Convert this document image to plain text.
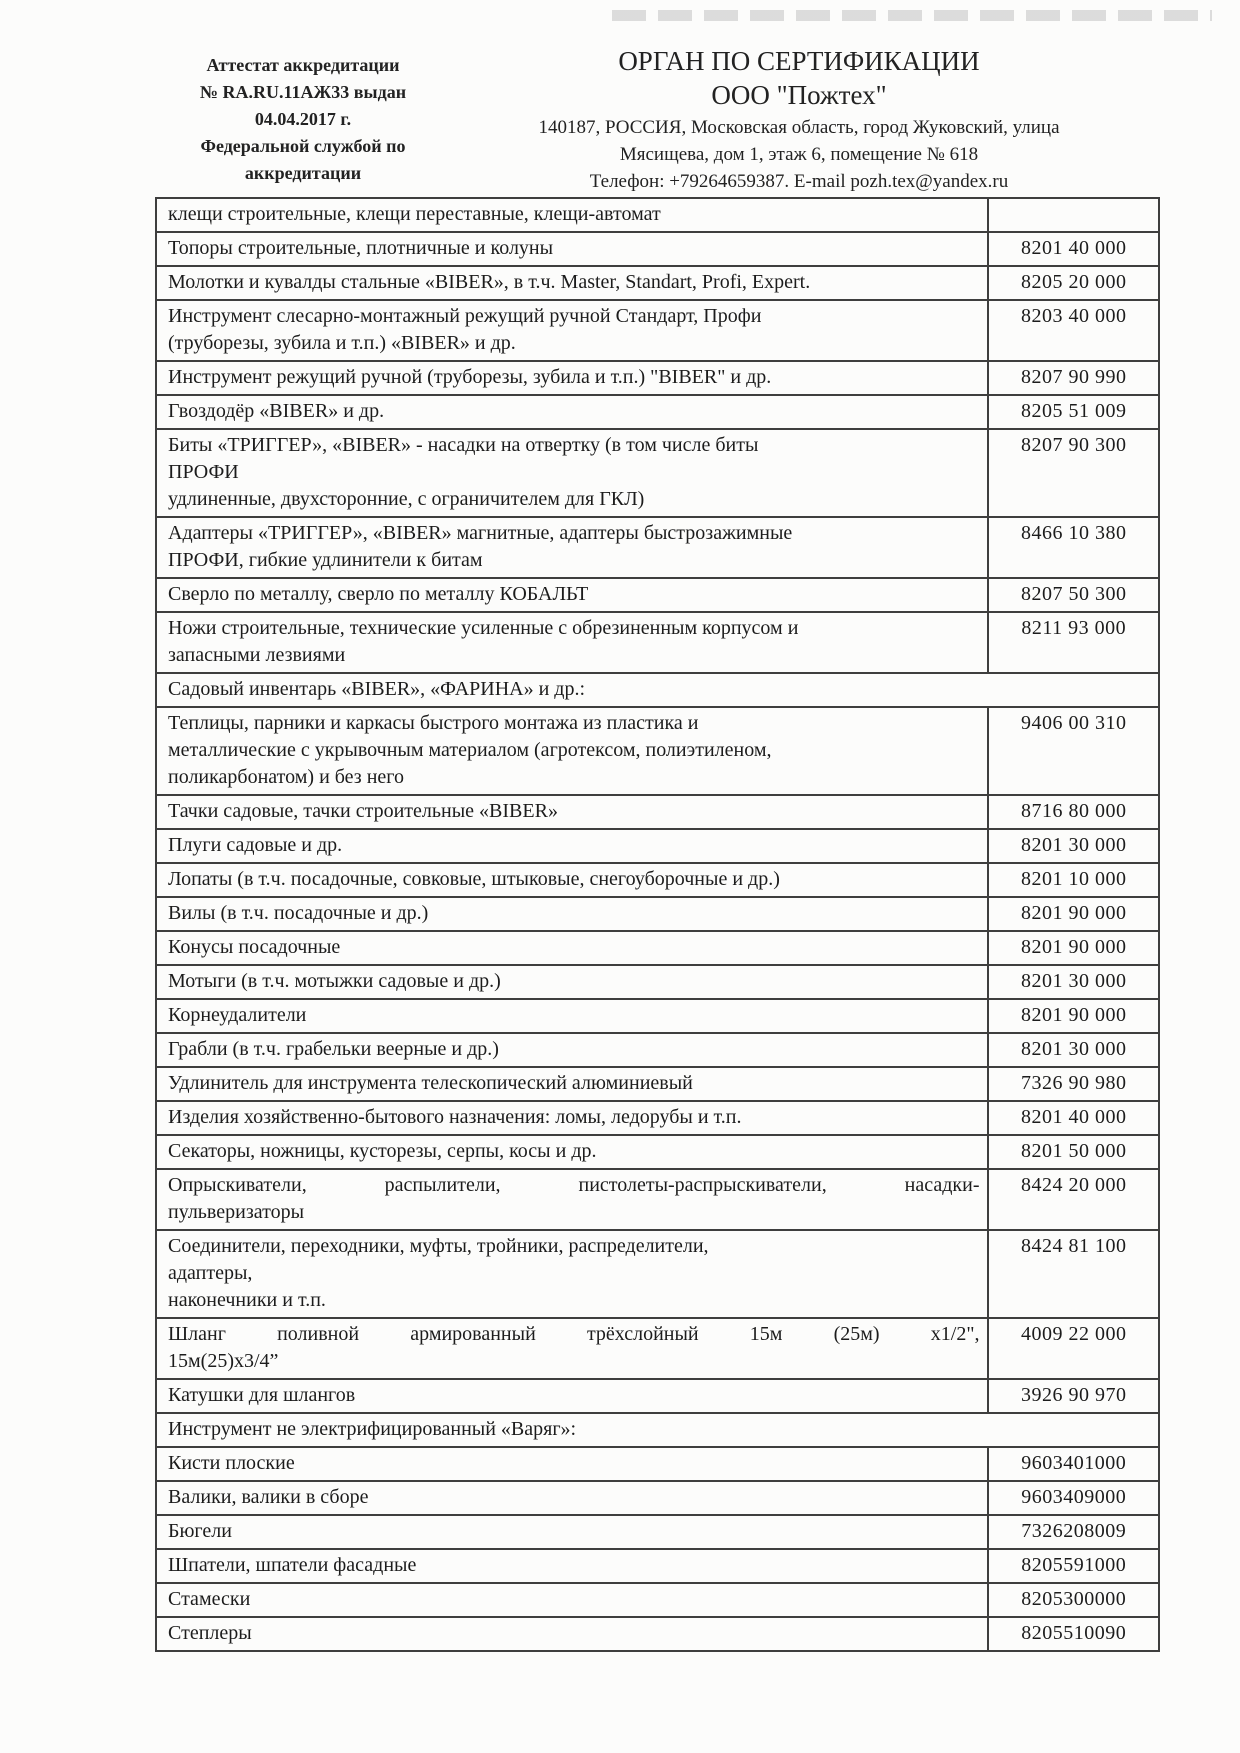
Аттестат аккредитации
№ RA.RU.11АЖ33 выдан
04.04.2017 г.
Федеральной службой по
аккредитации
ОРГАН ПО СЕРТИФИКАЦИИ
ООО "Пожтех"
140187, РОССИЯ, Московская область, город Жуковский, улица
Мясищева, дом 1, этаж 6, помещение № 618
Телефон: +79264659387. E-mail pozh.tex@yandex.ru
клещи строительные, клещи переставные, клещи-автомат	

Топоры строительные, плотничные и колуны	8201 40 000

Молотки и кувалды стальные «BIBER», в т.ч. Master, Standart, Profi, Expert.	8205 20 000

Инструмент слесарно-монтажный режущий ручной Стандарт, Профи
(труборезы, зубила и т.п.) «BIBER» и др.	8203 40 000

Инструмент режущий ручной (труборезы, зубила и т.п.) "BIBER" и др.	8207 90 990

Гвоздодёр «BIBER» и др.	8205 51 009

Биты «ТРИГГЕР», «BIBER» - насадки на отвертку (в том числе биты
ПРОФИ
удлиненные, двухсторонние, с ограничителем для ГКЛ)	8207 90 300

Адаптеры «ТРИГГЕР», «BIBER» магнитные, адаптеры быстрозажимные
ПРОФИ, гибкие удлинители к битам	8466 10 380

Сверло по металлу, сверло по металлу КОБАЛЬТ	8207 50 300

Ножи строительные, технические усиленные с обрезиненным корпусом и
запасными лезвиями	8211 93 000

Садовый инвентарь «BIBER», «ФАРИНА» и др.:	

Теплицы, парники и каркасы быстрого монтажа из пластика и
металлические с укрывочным материалом (агротексом, полиэтиленом,
поликарбонатом) и без него	9406 00 310

Тачки садовые, тачки строительные «BIBER»	8716 80 000

Плуги садовые и др.	8201 30 000

Лопаты (в т.ч. посадочные, совковые, штыковые, снегоуборочные и др.)	8201 10 000

Вилы (в т.ч. посадочные и др.)	8201 90 000

Конусы посадочные	8201 90 000

Мотыги (в т.ч. мотыжки садовые и др.)	8201 30 000

Корнеудалители	8201 90 000

Грабли (в т.ч. грабельки веерные и др.)	8201 30 000

Удлинитель для инструмента телескопический алюминиевый	7326 90 980

Изделия хозяйственно-бытового назначения: ломы, ледорубы и т.п.	8201 40 000

Секаторы, ножницы, кусторезы, серпы, косы и др.	8201 50 000

Опрыскиватели, распылители, пистолеты-распрыскиватели, насадки-
пульверизаторы	8424 20 000

Соединители, переходники, муфты, тройники, распределители,
адаптеры,
наконечники и т.п.	8424 81 100

Шланг поливной армированный трёхслойный 15м (25м) х1/2",
15м(25)х3/4”	4009 22 000

Катушки для шлангов	3926 90 970

Инструмент не электрифицированный «Варяг»:	

Кисти плоские	9603401000

Валики, валики в сборе	9603409000

Бюгели	7326208009

Шпатели, шпатели фасадные	8205591000

Стамески	8205300000

Степлеры	8205510090
